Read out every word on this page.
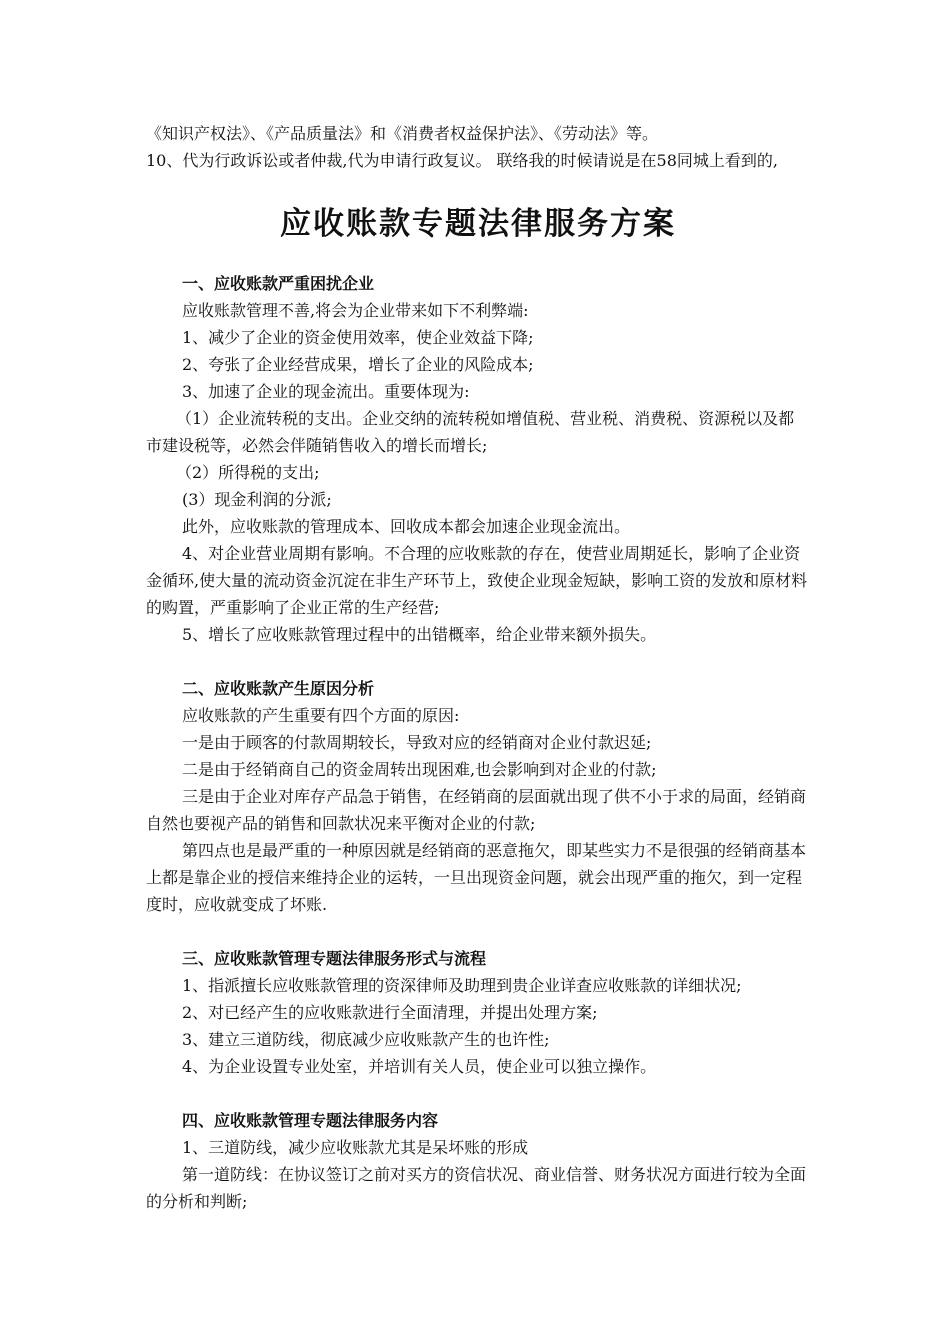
《知识产权法》、《产品质量法》和《消费者权益保护法》、《劳动法》等。

10、代为行政诉讼或者仲裁,代为申请行政复议。 联络我的时候请说是在58同城上看到的,

应收账款专题法律服务方案

一、应收账款严重困扰企业

应收账款管理不善,将会为企业带来如下不利弊端:

1、减少了企业的资金使用效率，使企业效益下降;

2、夸张了企业经营成果，增长了企业的风险成本;

3、加速了企业的现金流出。重要体现为:

（1）企业流转税的支出。企业交纳的流转税如增值税、营业税、消费税、资源税以及都市建设税等，必然会伴随销售收入的增长而增长;

（2）所得税的支出;

(3）现金利润的分派;

此外，应收账款的管理成本、回收成本都会加速企业现金流出。

4、对企业营业周期有影响。不合理的应收账款的存在，使营业周期延长，影响了企业资金循环,使大量的流动资金沉淀在非生产环节上，致使企业现金短缺，影响工资的发放和原材料的购置，严重影响了企业正常的生产经营;

5、增长了应收账款管理过程中的出错概率，给企业带来额外损失。

二、应收账款产生原因分析

应收账款的产生重要有四个方面的原因:

一是由于顾客的付款周期较长，导致对应的经销商对企业付款迟延;

二是由于经销商自己的资金周转出现困难,也会影响到对企业的付款;

三是由于企业对库存产品急于销售，在经销商的层面就出现了供不小于求的局面，经销商自然也要视产品的销售和回款状况来平衡对企业的付款;

第四点也是最严重的一种原因就是经销商的恶意拖欠，即某些实力不是很强的经销商基本上都是靠企业的授信来维持企业的运转，一旦出现资金问题，就会出现严重的拖欠，到一定程度时，应收就变成了坏账.

三、应收账款管理专题法律服务形式与流程

1、指派擅长应收账款管理的资深律师及助理到贵企业详查应收账款的详细状况;

2、对已经产生的应收账款进行全面清理，并提出处理方案;

3、建立三道防线，彻底减少应收账款产生的也许性;

4、为企业设置专业处室，并培训有关人员，使企业可以独立操作。

四、应收账款管理专题法律服务内容

1、三道防线，减少应收账款尤其是呆坏账的形成

第一道防线：在协议签订之前对买方的资信状况、商业信誉、财务状况方面进行较为全面的分析和判断;
